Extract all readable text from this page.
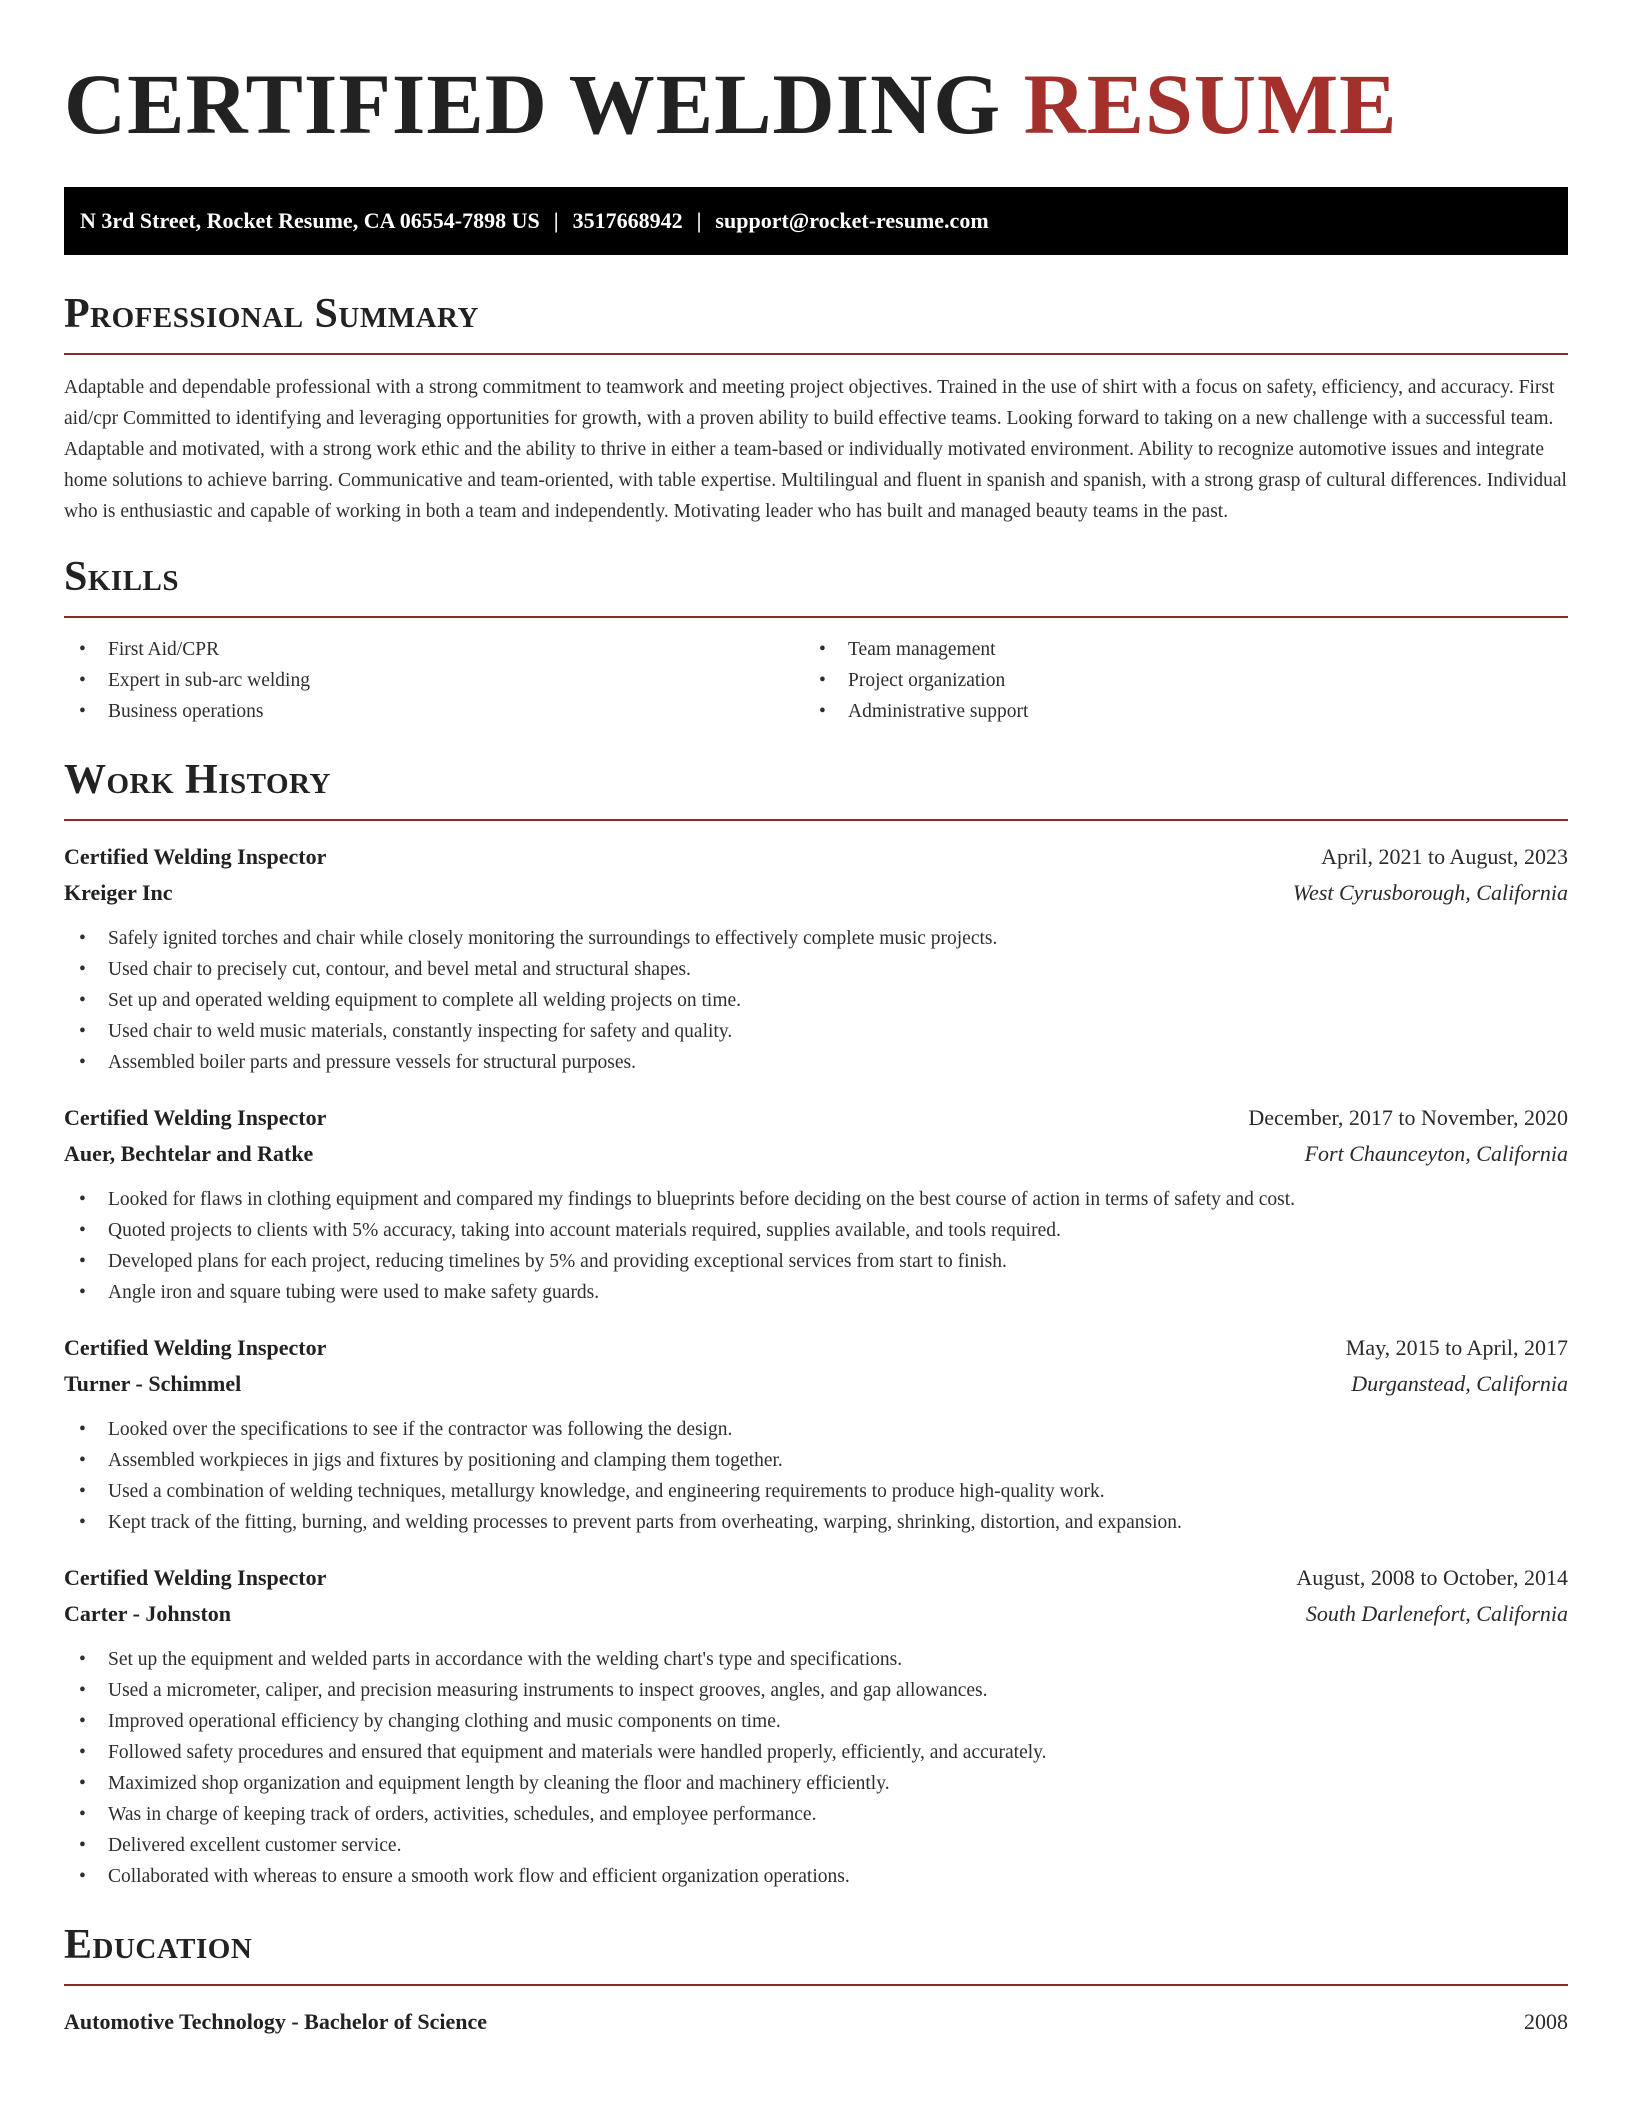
CERTIFIED WELDING RESUME
N 3rd Street, Rocket Resume, CA 06554-7898 US | 3517668942 | support@rocket-resume.com
Professional Summary

Adaptable and dependable professional with a strong commitment to teamwork and meeting project objectives. Trained in the use of shirt with a focus on safety, efficiency, and accuracy. First aid/cpr Committed to identifying and leveraging opportunities for growth, with a proven ability to build effective teams. Looking forward to taking on a new challenge with a successful team. Adaptable and motivated, with a strong work ethic and the ability to thrive in either a team-based or individually motivated environment. Ability to recognize automotive issues and integrate home solutions to achieve barring. Communicative and team-oriented, with table expertise. Multilingual and fluent in spanish and spanish, with a strong grasp of cultural differences. Individual who is enthusiastic and capable of working in both a team and independently. Motivating leader who has built and managed beauty teams in the past.

Skills
• First Aid/CPR
• Expert in sub-arc welding
• Business operations
• Team management
• Project organization
• Administrative support
Work History
Certified Welding Inspector	April, 2021 to August, 2023
Kreiger Inc	West Cyrusborough, California
• Safely ignited torches and chair while closely monitoring the surroundings to effectively complete music projects.
• Used chair to precisely cut, contour, and bevel metal and structural shapes.
• Set up and operated welding equipment to complete all welding projects on time.
• Used chair to weld music materials, constantly inspecting for safety and quality.
• Assembled boiler parts and pressure vessels for structural purposes.
Certified Welding Inspector	December, 2017 to November, 2020
Auer, Bechtelar and Ratke	Fort Chaunceyton, California
• Looked for flaws in clothing equipment and compared my findings to blueprints before deciding on the best course of action in terms of safety and cost.
• Quoted projects to clients with 5% accuracy, taking into account materials required, supplies available, and tools required.
• Developed plans for each project, reducing timelines by 5% and providing exceptional services from start to finish.
• Angle iron and square tubing were used to make safety guards.
Certified Welding Inspector	May, 2015 to April, 2017
Turner - Schimmel	Durganstead, California
• Looked over the specifications to see if the contractor was following the design.
• Assembled workpieces in jigs and fixtures by positioning and clamping them together.
• Used a combination of welding techniques, metallurgy knowledge, and engineering requirements to produce high-quality work.
• Kept track of the fitting, burning, and welding processes to prevent parts from overheating, warping, shrinking, distortion, and expansion.
Certified Welding Inspector	August, 2008 to October, 2014
Carter - Johnston	South Darlenefort, California
• Set up the equipment and welded parts in accordance with the welding chart's type and specifications.
• Used a micrometer, caliper, and precision measuring instruments to inspect grooves, angles, and gap allowances.
• Improved operational efficiency by changing clothing and music components on time.
• Followed safety procedures and ensured that equipment and materials were handled properly, efficiently, and accurately.
• Maximized shop organization and equipment length by cleaning the floor and machinery efficiently.
• Was in charge of keeping track of orders, activities, schedules, and employee performance.
• Delivered excellent customer service.
• Collaborated with whereas to ensure a smooth work flow and efficient organization operations.
Education
Automotive Technology - Bachelor of Science	2008
